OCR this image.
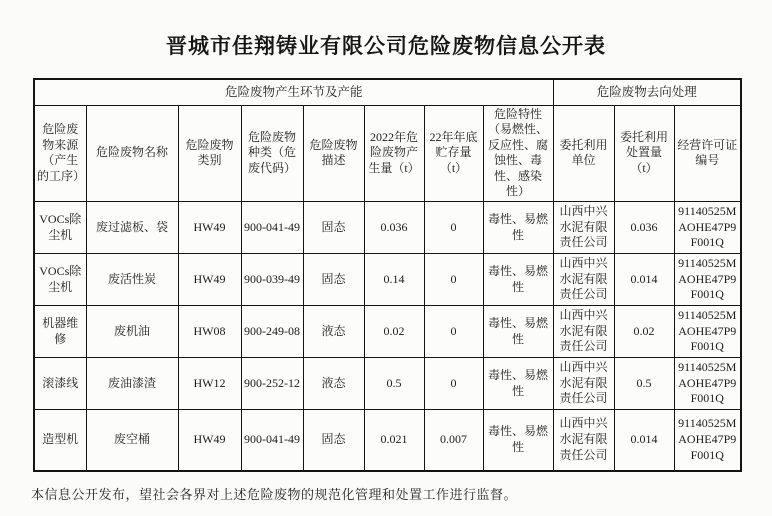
晋城市佳翔铸业有限公司危险废物信息公开表
危险废物产生环节及产能								危险废物去向处理		
危险废物来源（产生的工序）	危险废物名称	危险废物类别	危险废物种类（危废代码）	危险废物描述	2022年危险废物产生量（t）	22年年底贮存量（t）	危险特性（易燃性、反应性、腐蚀性、毒性、感染性）	委托利用单位	委托利用处置量（t）	经营许可证编号
VOCs除尘机	废过滤板、袋	HW49	900-041-49	固态	0.036	0	毒性、易燃性	山西中兴水泥有限责任公司	0.036	91140525MAOHE47P9F001Q
VOCs除尘机	废活性炭	HW49	900-039-49	固态	0.14	0	毒性、易燃性	山西中兴水泥有限责任公司	0.014	91140525MAOHE47P9F001Q
机器维修	废机油	HW08	900-249-08	液态	0.02	0	毒性、易燃性	山西中兴水泥有限责任公司	0.02	91140525MAOHE47P9F001Q
滚漆线	废油漆渣	HW12	900-252-12	液态	0.5	0	毒性、易燃性	山西中兴水泥有限责任公司	0.5	91140525MAOHE47P9F001Q
造型机	废空桶	HW49	900-041-49	固态	0.021	0.007	毒性、易燃性	山西中兴水泥有限责任公司	0.014	91140525MAOHE47P9F001Q
本信息公开发布，望社会各界对上述危险废物的规范化管理和处置工作进行监督。
